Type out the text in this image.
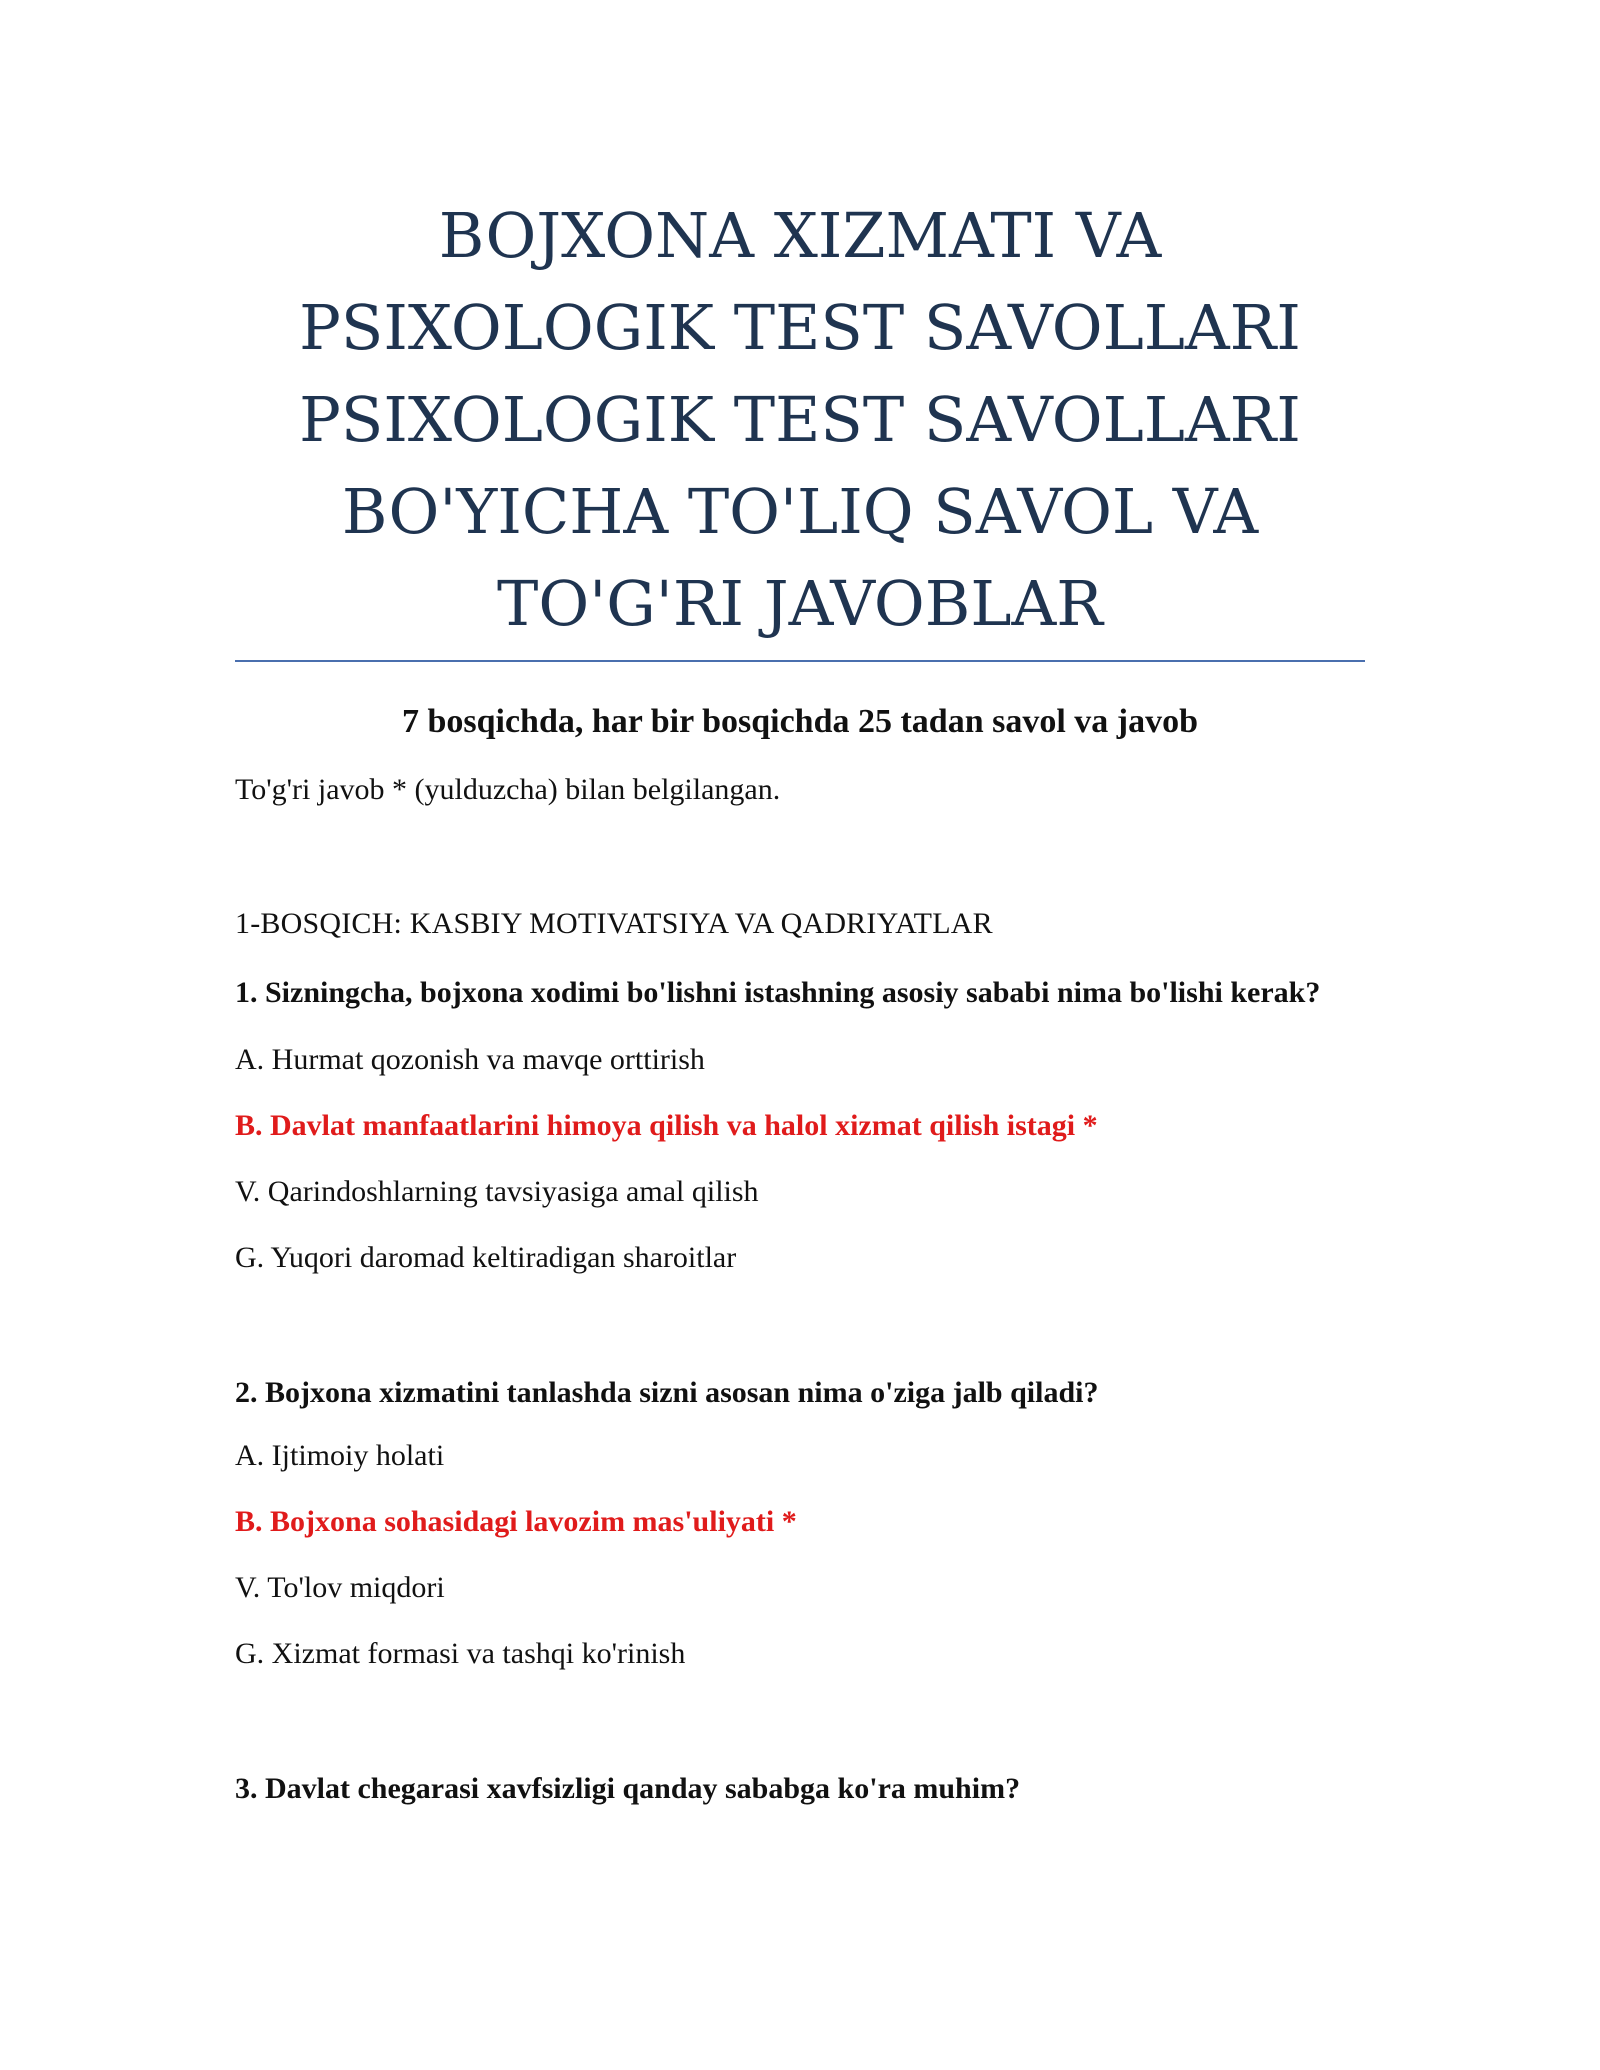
BOJXONA XIZMATI VA
PSIXOLOGIK TEST SAVOLLARI
PSIXOLOGIK TEST SAVOLLARI
BO'YICHA TO'LIQ SAVOL VA
TO'G'RI JAVOBLAR

7 bosqichda, har bir bosqichda 25 tadan savol va javob

To'g'ri javob * (yulduzcha) bilan belgilangan.

1-BOSQICH: KASBIY MOTIVATSIYA VA QADRIYATLAR

1. Sizningcha, bojxona xodimi bo'lishni istashning asosiy sababi nima bo'lishi kerak?

A. Hurmat qozonish va mavqe orttirish

B. Davlat manfaatlarini himoya qilish va halol xizmat qilish istagi *

V. Qarindoshlarning tavsiyasiga amal qilish

G. Yuqori daromad keltiradigan sharoitlar

2. Bojxona xizmatini tanlashda sizni asosan nima o'ziga jalb qiladi?

A. Ijtimoiy holati

B. Bojxona sohasidagi lavozim mas'uliyati *

V. To'lov miqdori

G. Xizmat formasi va tashqi ko'rinish

3. Davlat chegarasi xavfsizligi qanday sababga ko'ra muhim?
